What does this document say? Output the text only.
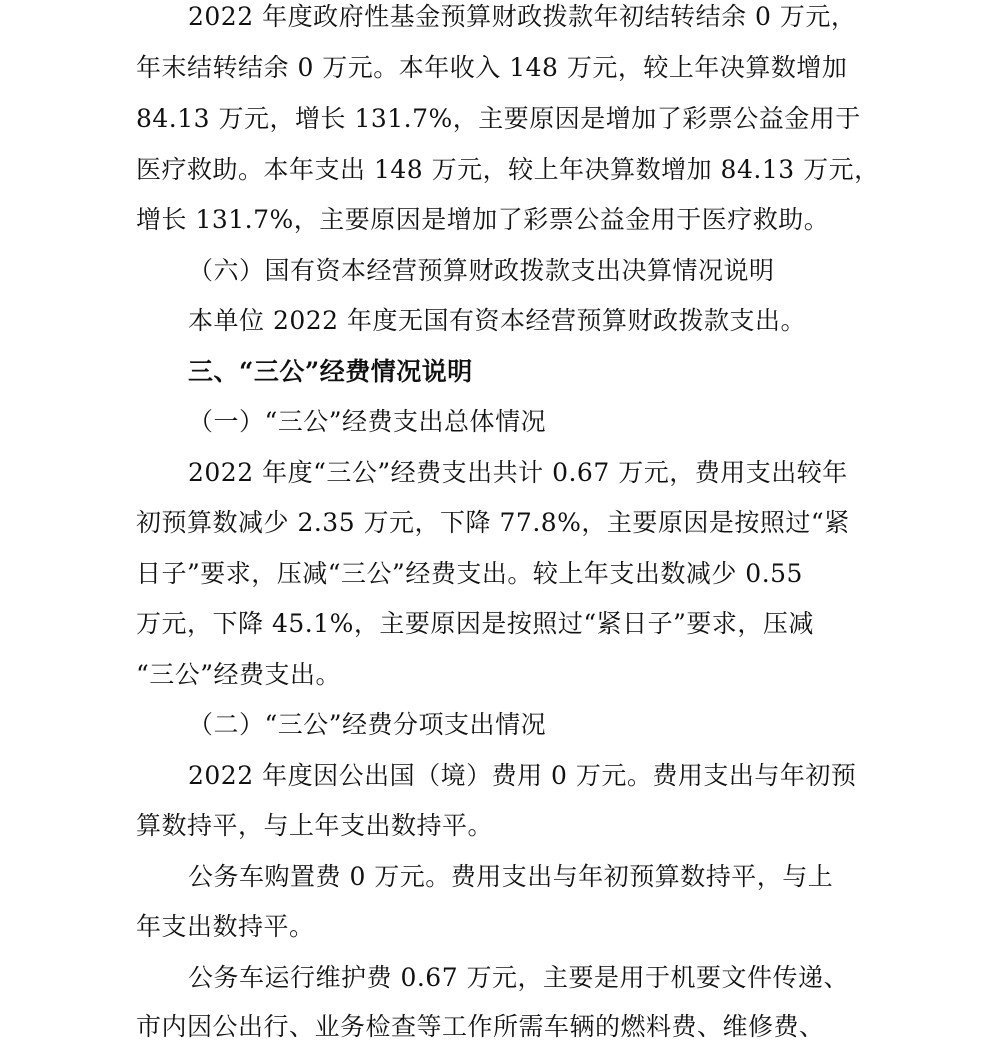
2022 年度政府性基金预算财政拨款年初结转结余 0 万元，
年末结转结余 0 万元。本年收入 148 万元，较上年决算数增加
84.13 万元，增长 131.7%，主要原因是增加了彩票公益金用于
医疗救助。本年支出 148 万元，较上年决算数增加 84.13 万元，
增长 131.7%，主要原因是增加了彩票公益金用于医疗救助。
（六）国有资本经营预算财政拨款支出决算情况说明
本单位 2022 年度无国有资本经营预算财政拨款支出。
三、“三公”经费情况说明
（一）“三公”经费支出总体情况
2022 年度“三公”经费支出共计 0.67 万元，费用支出较年
初预算数减少 2.35 万元，下降 77.8%，主要原因是按照过“紧
日子”要求，压减“三公”经费支出。较上年支出数减少 0.55
万元，下降 45.1%，主要原因是按照过“紧日子”要求，压减
“三公”经费支出。
（二）“三公”经费分项支出情况
2022 年度因公出国（境）费用 0 万元。费用支出与年初预
算数持平，与上年支出数持平。
公务车购置费 0 万元。费用支出与年初预算数持平，与上
年支出数持平。
公务车运行维护费 0.67 万元，主要是用于机要文件传递、
市内因公出行、业务检查等工作所需车辆的燃料费、维修费、
